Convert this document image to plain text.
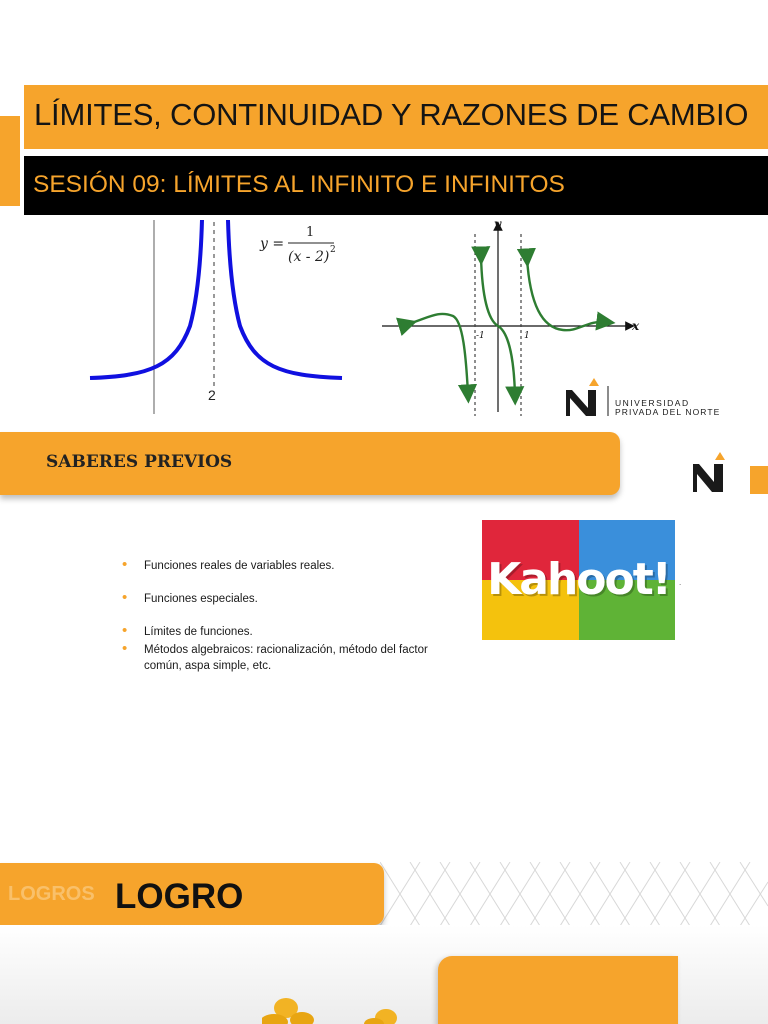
LÍMITES, CONTINUIDAD Y RAZONES DE CAMBIO
SESIÓN 09: LÍMITES AL INFINITO E INFINITOS
2
y =
1
(x - 2) 2
y
x
-1	1
UNIVERSIDAD
PRIVADA DEL NORTE
SABERES PREVIOS
• Funciones reales de variables reales.
• Funciones especiales.
• Límites de funciones.
• Métodos algebraicos: racionalización, método del factor común, aspa simple, etc.
Kahoot!	.
LOGROS LOGRO
